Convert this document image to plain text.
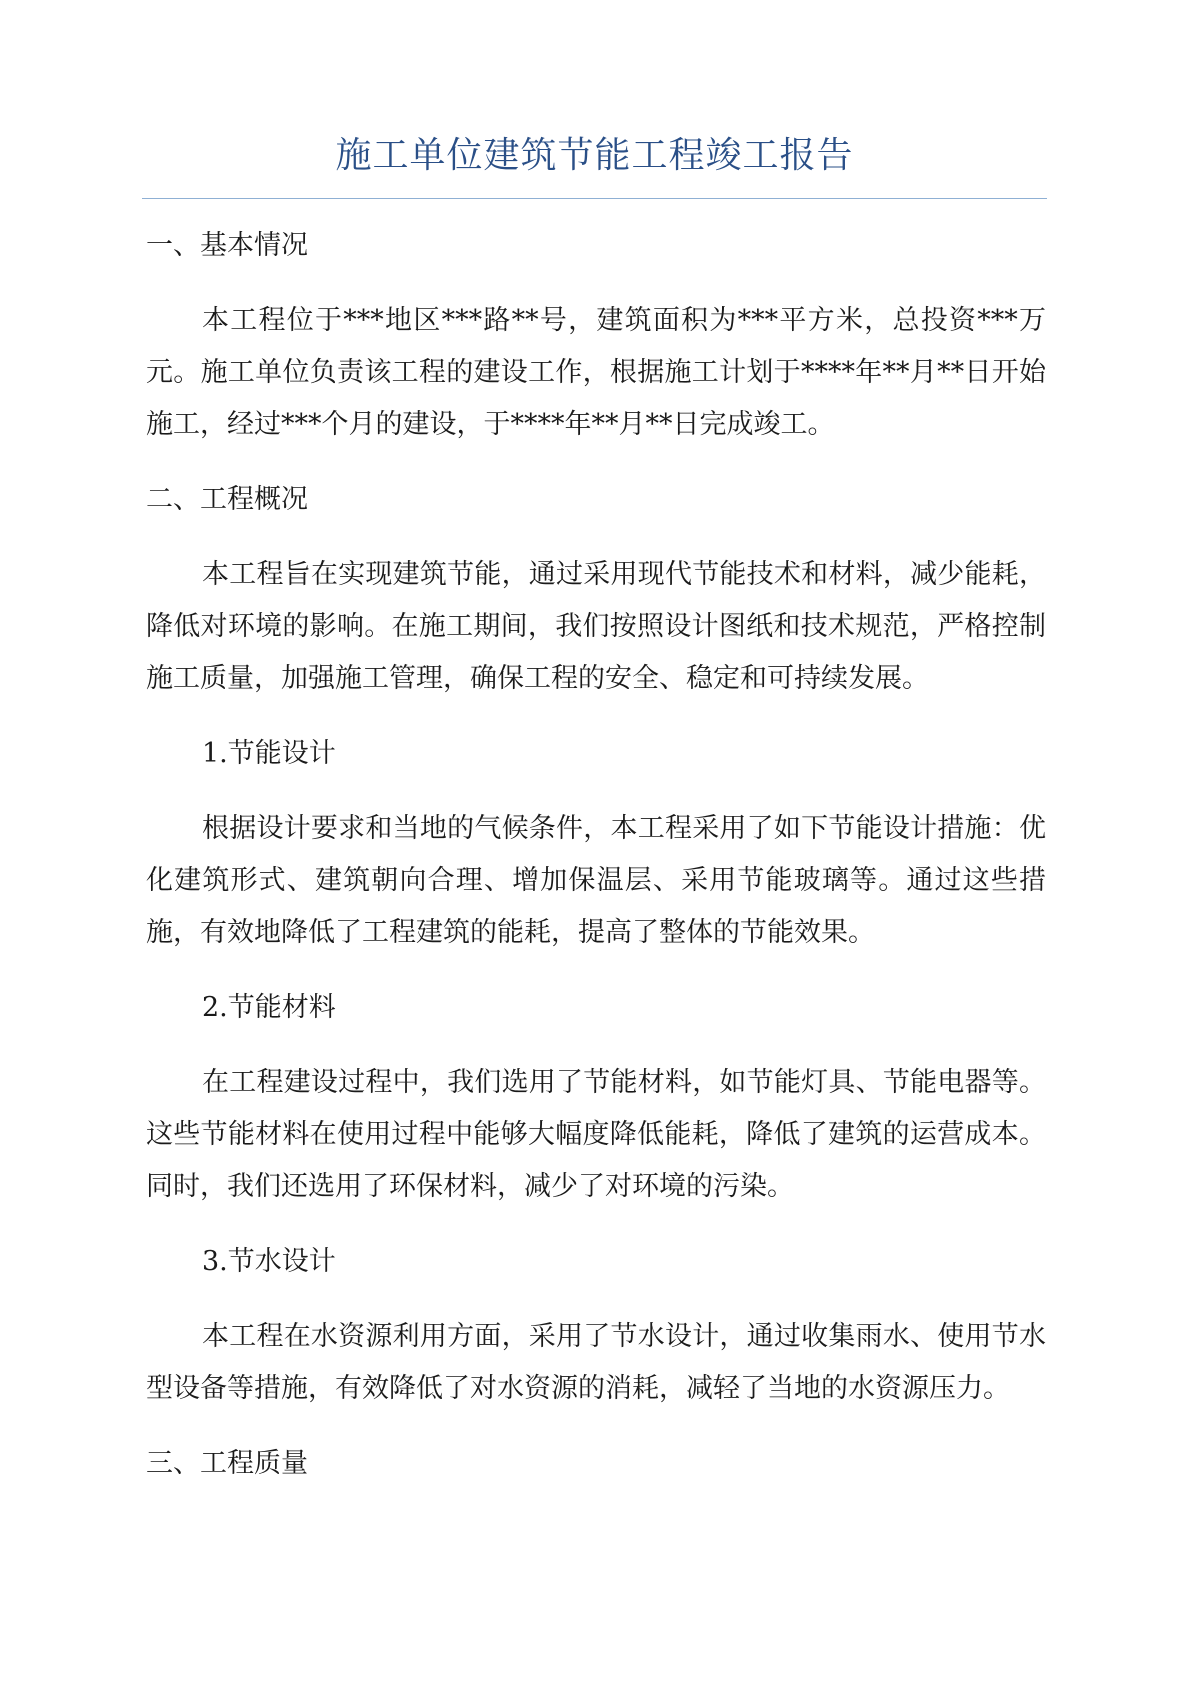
施工单位建筑节能工程竣工报告
一、基本情况

本工程位于***地区***路**号，建筑面积为***平方米，总投资***万元。施工单位负责该工程的建设工作，根据施工计划于****年**月**日开始施工，经过***个月的建设，于****年**月**日完成竣工。

二、工程概况

本工程旨在实现建筑节能，通过采用现代节能技术和材料，减少能耗，降低对环境的影响。在施工期间，我们按照设计图纸和技术规范，严格控制施工质量，加强施工管理，确保工程的安全、稳定和可持续发展。

1.节能设计

根据设计要求和当地的气候条件，本工程采用了如下节能设计措施：优化建筑形式、建筑朝向合理、增加保温层、采用节能玻璃等。通过这些措施，有效地降低了工程建筑的能耗，提高了整体的节能效果。

2.节能材料

在工程建设过程中，我们选用了节能材料，如节能灯具、节能电器等。这些节能材料在使用过程中能够大幅度降低能耗，降低了建筑的运营成本。同时，我们还选用了环保材料，减少了对环境的污染。

3.节水设计

本工程在水资源利用方面，采用了节水设计，通过收集雨水、使用节水型设备等措施，有效降低了对水资源的消耗，减轻了当地的水资源压力。

三、工程质量
